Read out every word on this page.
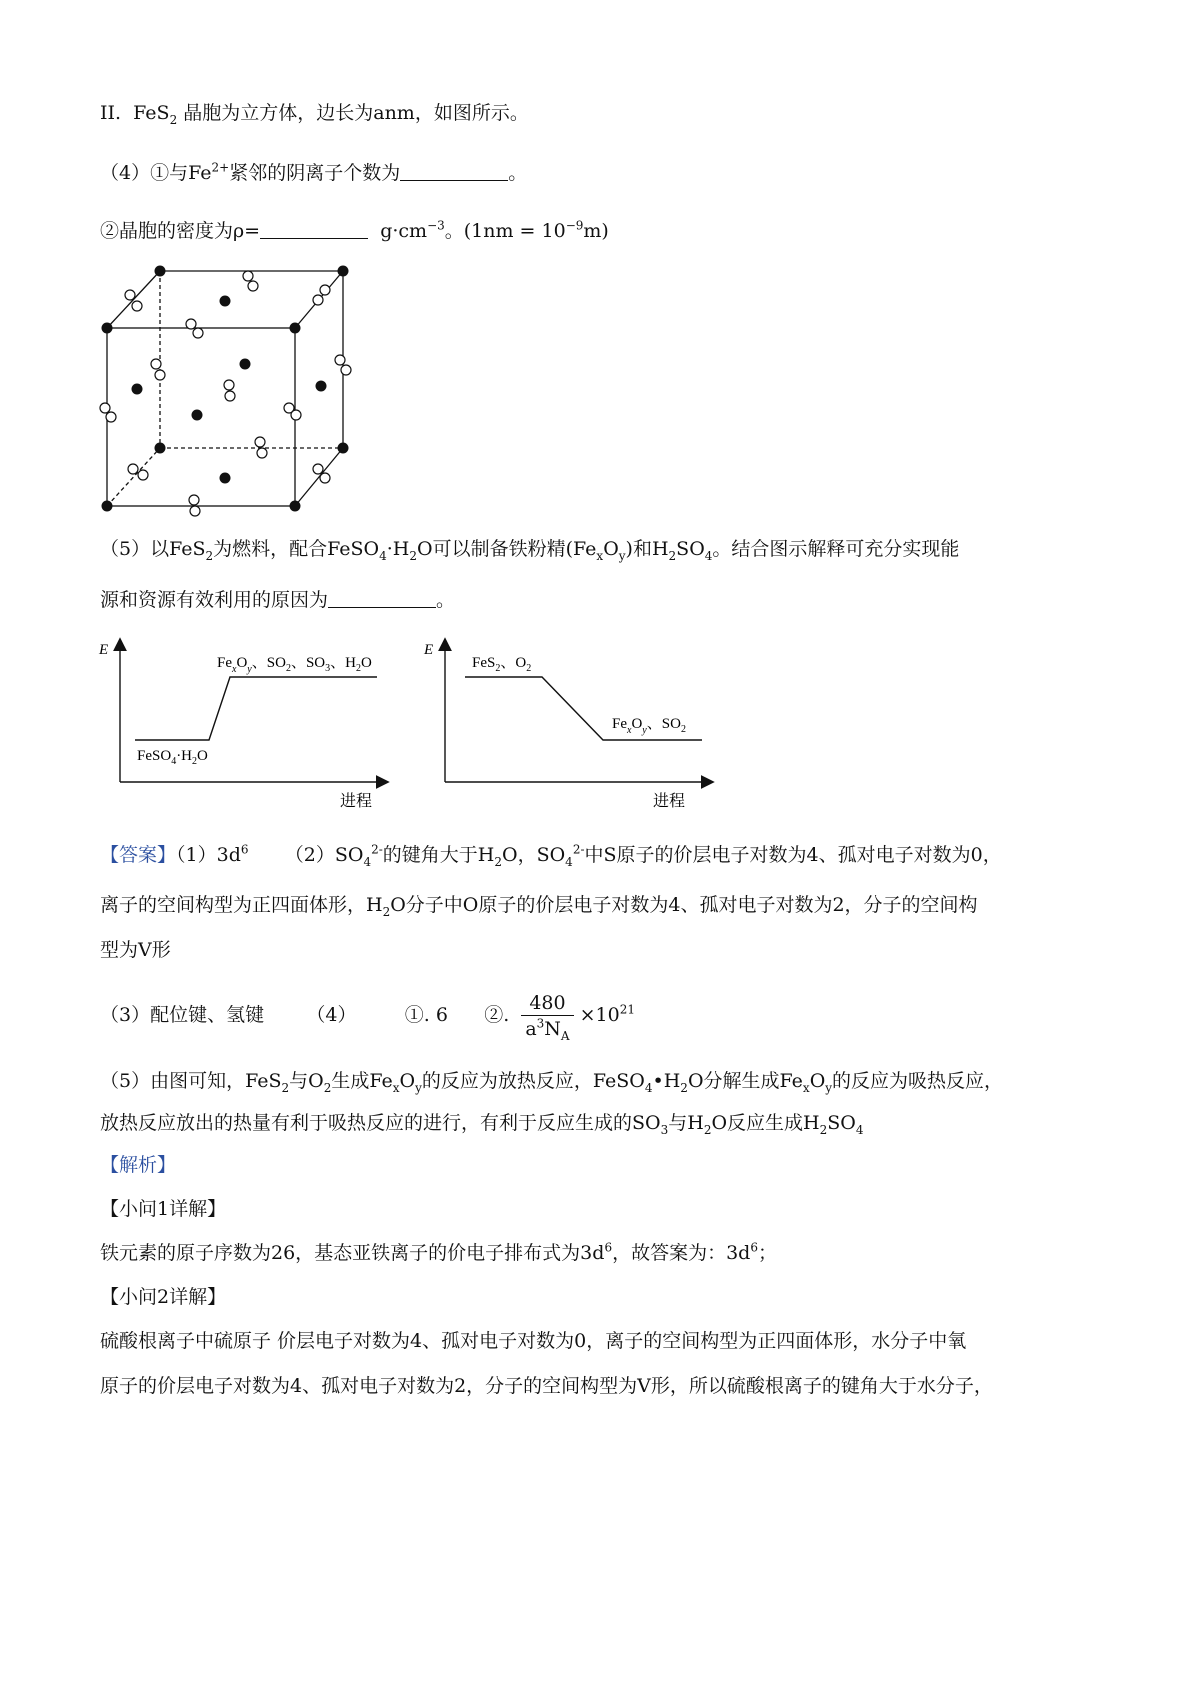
II. FeS$_2$ 晶胞为立方体，边长为anm，如图所示。
（4）①与$Fe^{2+}$紧邻的阴离子个数为	。
②晶胞的密度为ρ=	$g\cdot cm^{-3}$。$(1nm = 10^{-9}m)$
（5）以FeS$_2$为燃料，配合$FeSO_4\cdot H_2O$可以制备铁粉精$(Fe_xO_y)$和$H_2SO_4$。结合图示解释可充分实现能
源和资源有效利用的原因为	。
E
进程
$FeSO_4\cdot H_2O$
$Fe_xO_y$、$SO_2$、$SO_3$、$H_2O$
E
进程
FeS$_2$、$O_2$
$Fe_xO_y$、$SO_2$
【答案】$(1)3d^6$ $(2)SO_4^{2-}$的键角大于$H_2O$，$SO_4^{2-}$中S原子的价层电子对数为4、孤对电子对数为0，
离子的空间构型为正四面体形，$H_2O$分子中O原子的价层电子对数为4、孤对电子对数为2，分子的空间构
型为V形
（3）配位键、氢键 （4）	①. 6 ②. $\frac{480}{a^3N_A} \times 10^{21}$
（5）由图可知，FeS$_2$与$O_2$生成$Fe_xO_y$的反应为放热反应，$FeSO_4•H_2O$分解生成$Fe_xO_y$的反应为吸热反应，
放热反应放出的热量有利于吸热反应的进行，有利于反应生成的$SO_3$与$H_2O$反应生成$H_2SO_4$
【解析】
【小问1详解】
铁元素的原子序数为26，基态亚铁离子的价电子排布式为$3d^6$，故答案为：$3d^6$；
【小问2详解】
硫酸根离子中硫原子 价层电子对数为4、孤对电子对数为0，离子的空间构型为正四面体形，水分子中氧
原子的价层电子对数为4、孤对电子对数为2，分子的空间构型为V形，所以硫酸根离子的键角大于水分子，
